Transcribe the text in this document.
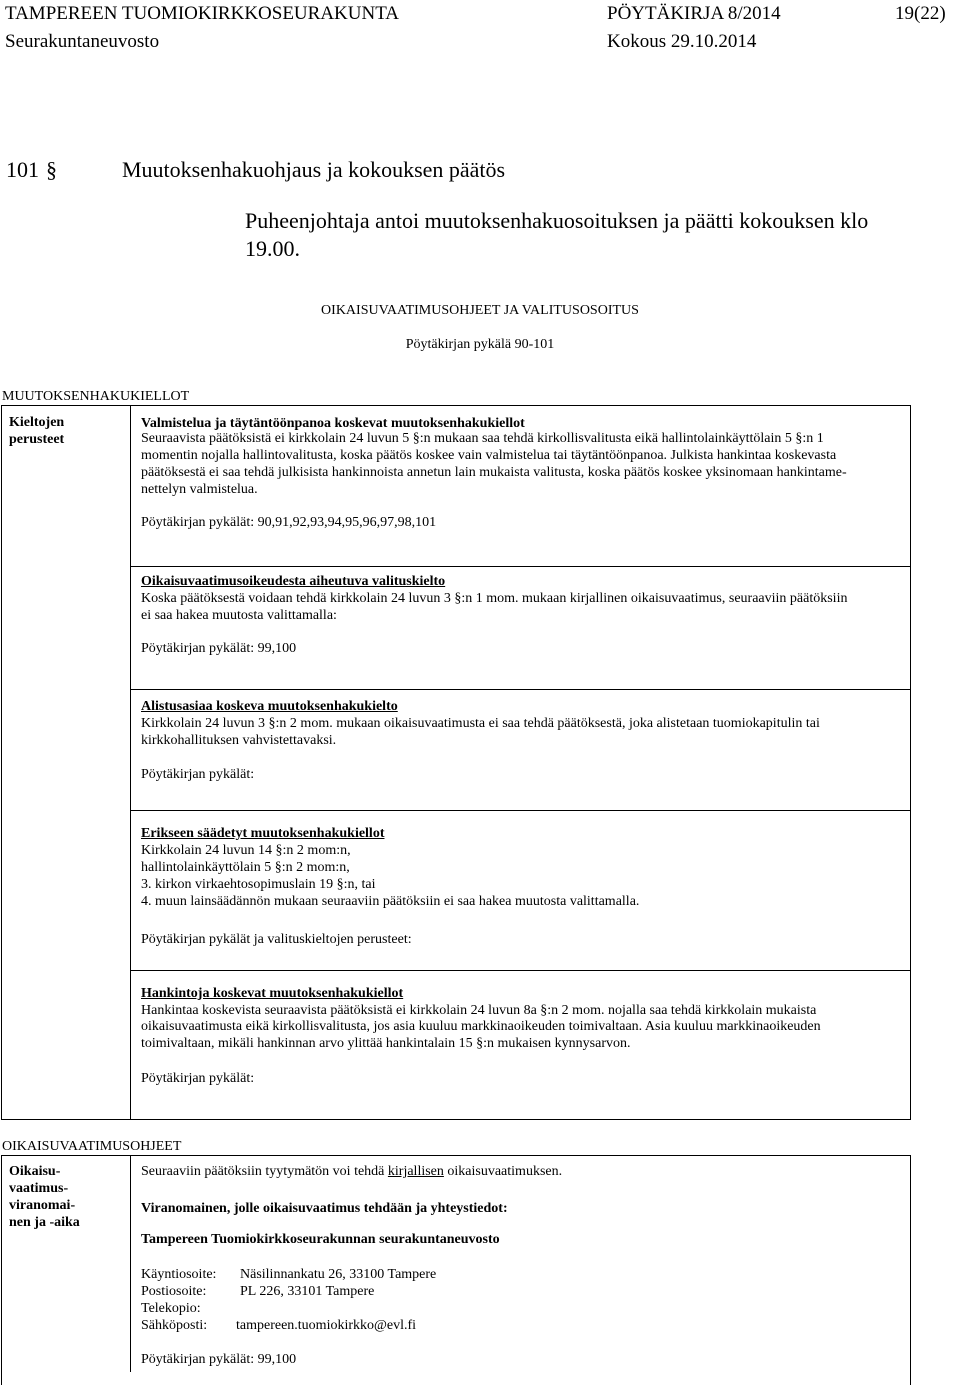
TAMPEREEN TUOMIOKIRKKOSEURAKUNTA	PÖYTÄKIRJA 8/2014	19(22)
Seurakuntaneuvosto	Kokous 29.10.2014
101 §	Muutoksenhakuohjaus ja kokouksen päätös
Puheenjohtaja antoi muutoksenhakuosoituksen ja päätti kokouksen klo
19.00.
OIKAISUVAATIMUSOHJEET JA VALITUSOSOITUS
Pöytäkirjan pykälä 90-101
MUUTOKSENHAKUKIELLOT
Kieltojen
perusteet
Valmistelua ja täytäntöönpanoa koskevat muutoksenhakukiellot
Seuraavista päätöksistä ei kirkkolain 24 luvun 5 §:n mukaan saa tehdä kirkollisvalitusta eikä hallintolainkäyttölain 5 §:n 1
momentin nojalla hallintovalitusta, koska päätös koskee vain valmistelua tai täytäntöönpanoa. Julkista hankintaa koskevasta
päätöksestä ei saa tehdä julkisista hankinnoista annetun lain mukaista valitusta, koska päätös koskee yksinomaan hankintame-
nettelyn valmistelua.
Pöytäkirjan pykälät: 90,91,92,93,94,95,96,97,98,101
Oikaisuvaatimusoikeudesta aiheutuva valituskielto
Koska päätöksestä voidaan tehdä kirkkolain 24 luvun 3 §:n 1 mom. mukaan kirjallinen oikaisuvaatimus, seuraaviin päätöksiin
ei saa hakea muutosta valittamalla:
Pöytäkirjan pykälät: 99,100
Alistusasiaa koskeva muutoksenhakukielto
Kirkkolain 24 luvun 3 §:n 2 mom. mukaan oikaisuvaatimusta ei saa tehdä päätöksestä, joka alistetaan tuomiokapitulin tai
kirkkohallituksen vahvistettavaksi.
Pöytäkirjan pykälät:
Erikseen säädetyt muutoksenhakukiellot
Kirkkolain 24 luvun 14 §:n 2 mom:n,
hallintolainkäyttölain 5 §:n 2 mom:n,
3. kirkon virkaehtosopimuslain 19 §:n, tai
4. muun lainsäädännön mukaan seuraaviin päätöksiin ei saa hakea muutosta valittamalla.
Pöytäkirjan pykälät ja valituskieltojen perusteet:
Hankintoja koskevat muutoksenhakukiellot
Hankintaa koskevista seuraavista päätöksistä ei kirkkolain 24 luvun 8a §:n 2 mom. nojalla saa tehdä kirkkolain mukaista
oikaisuvaatimusta eikä kirkollisvalitusta, jos asia kuuluu markkinaoikeuden toimivaltaan. Asia kuuluu markkinaoikeuden
toimivaltaan, mikäli hankinnan arvo ylittää hankintalain 15 §:n mukaisen kynnysarvon.
Pöytäkirjan pykälät:
OIKAISUVAATIMUSOHJEET
Oikaisu-
vaatimus-
viranomai-
nen ja -aika
Seuraaviin päätöksiin tyytymätön voi tehdä kirjallisen oikaisuvaatimuksen.
Viranomainen, jolle oikaisuvaatimus tehdään ja yhteystiedot:
Tampereen Tuomiokirkkoseurakunnan seurakuntaneuvosto
Käyntiosoite: Näsilinnankatu 26, 33100 Tampere
Postiosoite: PL 226, 33101 Tampere
Telekopio:
Sähköposti: tampereen.tuomiokirkko@evl.fi
Pöytäkirjan pykälät: 99,100
